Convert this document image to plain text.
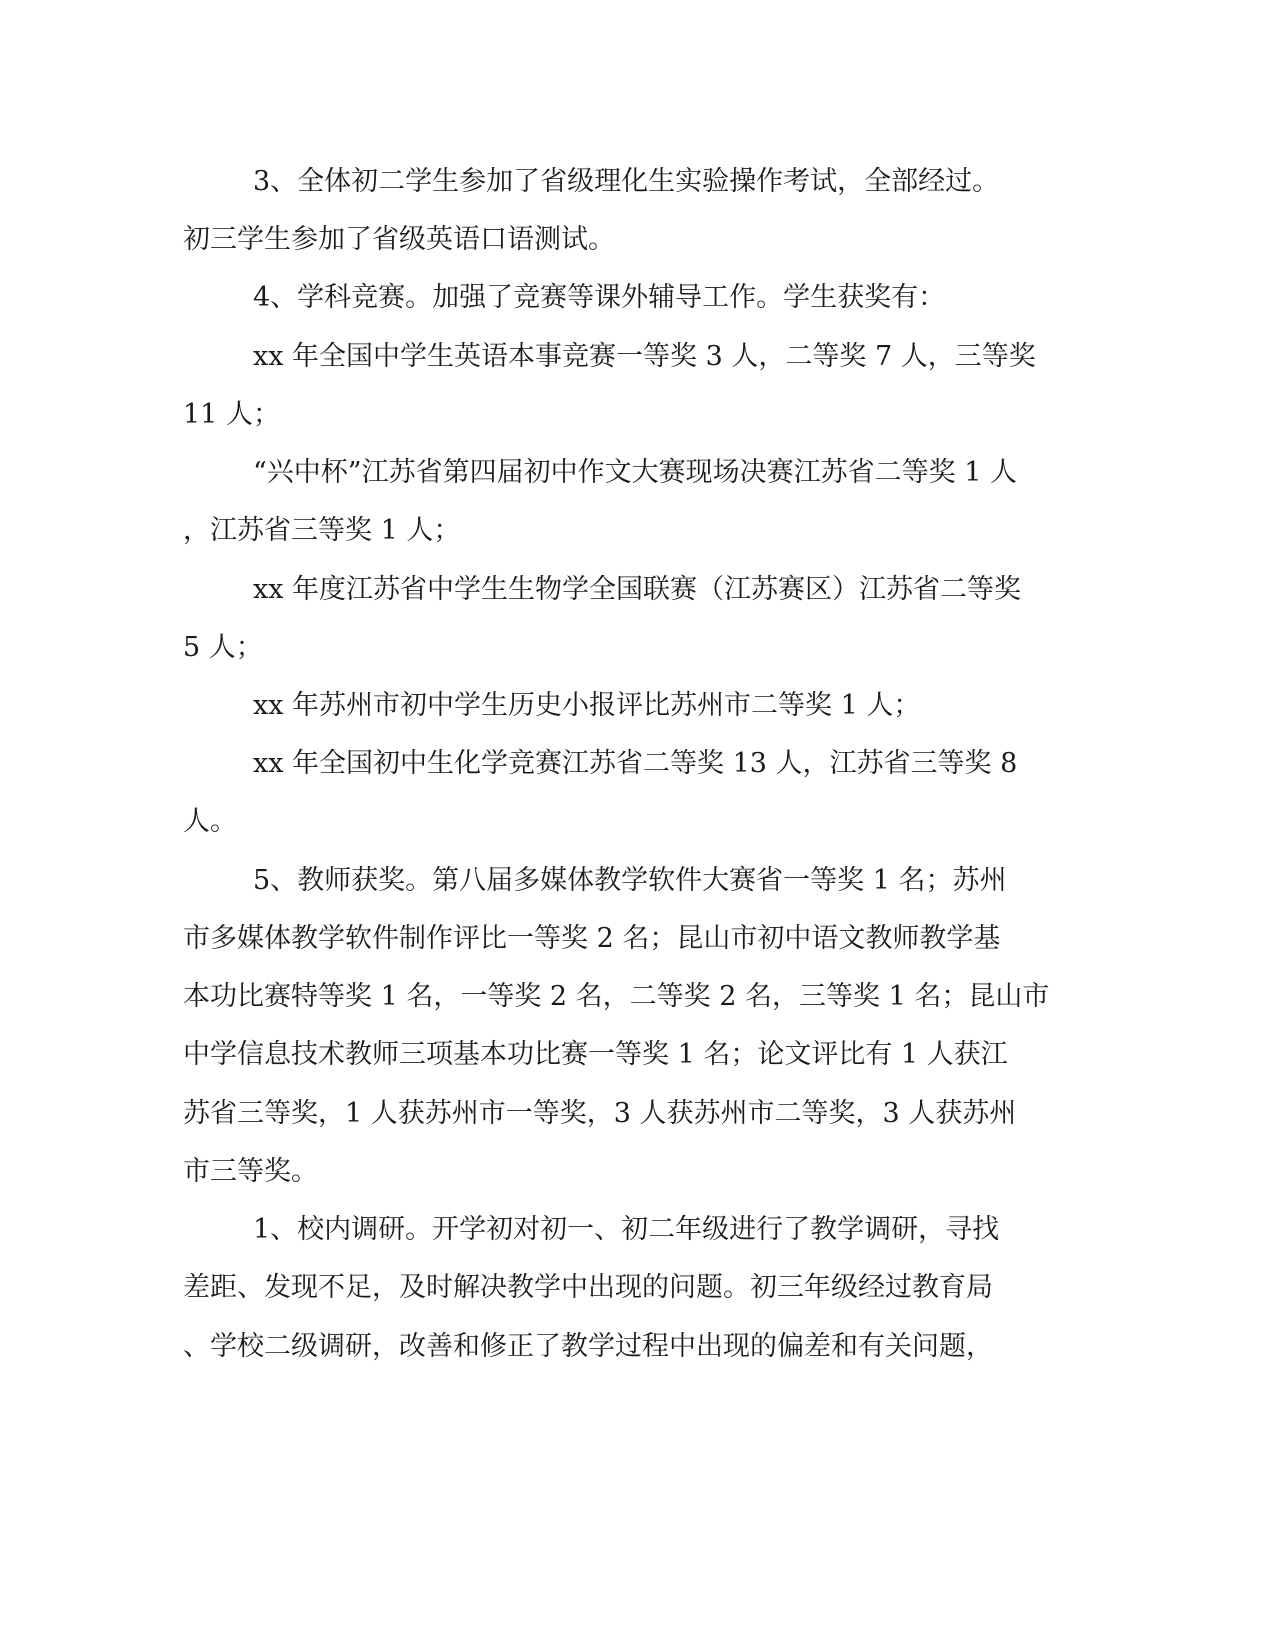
3、全体初二学生参加了省级理化生实验操作考试，全部经过。
初三学生参加了省级英语口语测试。
4、学科竞赛。加强了竞赛等课外辅导工作。学生获奖有：
xx 年全国中学生英语本事竞赛一等奖 3 人，二等奖 7 人，三等奖
11 人；
“兴中杯”江苏省第四届初中作文大赛现场决赛江苏省二等奖 1 人
，江苏省三等奖 1 人；
xx 年度江苏省中学生生物学全国联赛（江苏赛区）江苏省二等奖
5 人；
xx 年苏州市初中学生历史小报评比苏州市二等奖 1 人；
xx 年全国初中生化学竞赛江苏省二等奖 13 人，江苏省三等奖 8
人。
5、教师获奖。第八届多媒体教学软件大赛省一等奖 1 名；苏州
市多媒体教学软件制作评比一等奖 2 名；昆山市初中语文教师教学基
本功比赛特等奖 1 名，一等奖 2 名，二等奖 2 名，三等奖 1 名；昆山市
中学信息技术教师三项基本功比赛一等奖 1 名；论文评比有 1 人获江
苏省三等奖，1 人获苏州市一等奖，3 人获苏州市二等奖，3 人获苏州
市三等奖。
1、校内调研。开学初对初一、初二年级进行了教学调研，寻找
差距、发现不足，及时解决教学中出现的问题。初三年级经过教育局
、学校二级调研，改善和修正了教学过程中出现的偏差和有关问题，
